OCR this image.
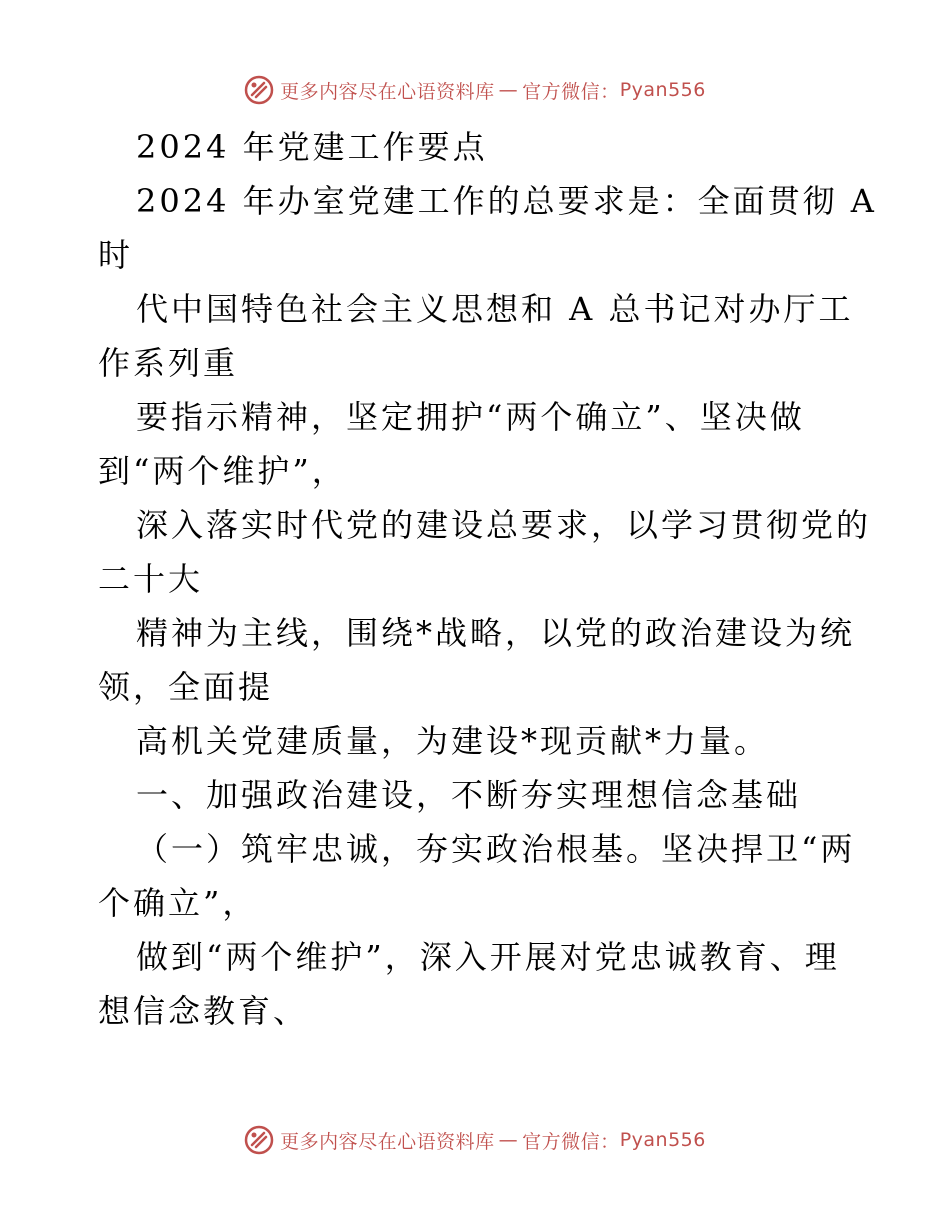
更多内容尽在心语资料库 — 官方微信： Pyan556
2024 年党建工作要点
2024 年办室党建工作的总要求是：全面贯彻 A
时
代中国特色社会主义思想和 A 总书记对办厅工
作系列重
要指示精神，坚定拥护“两个确立”、坚决做
到“两个维护”，
深入落实时代党的建设总要求，以学习贯彻党的
二十大
精神为主线，围绕*战略，以党的政治建设为统
领，全面提
高机关党建质量，为建设*现贡献*力量。
一、加强政治建设，不断夯实理想信念基础
（一）筑牢忠诚，夯实政治根基。坚决捍卫“两
个确立”，
做到“两个维护”，深入开展对党忠诚教育、理
想信念教育、
更多内容尽在心语资料库 — 官方微信： Pyan556
